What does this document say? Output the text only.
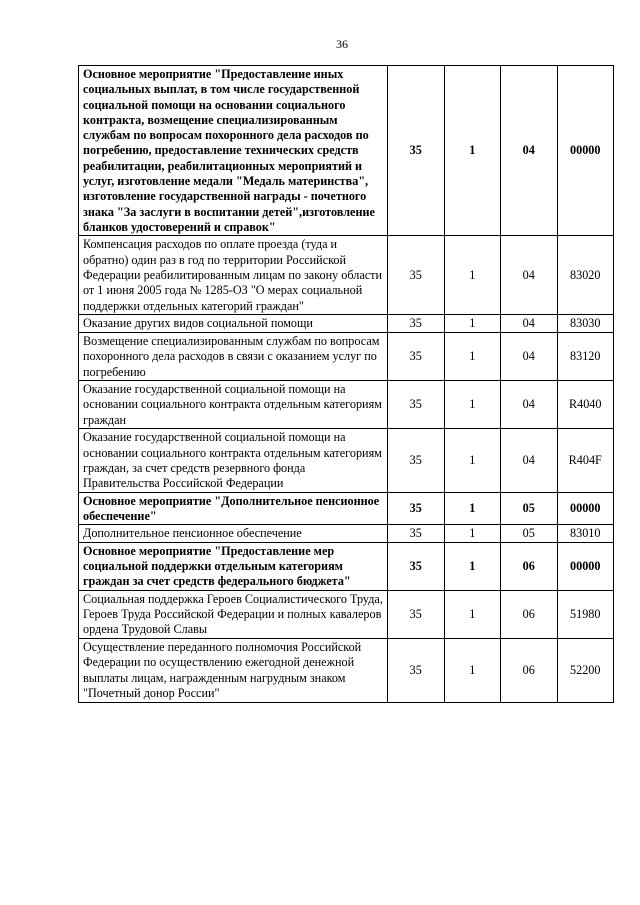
36
Основное мероприятие "Предоставление иных социальных выплат, в том числе государственной социальной помощи на основании социального контракта, возмещение специализированным службам по вопросам похоронного дела расходов по погребению, предоставление технических средств реабилитации, реабилитационных мероприятий и услуг, изготовление медали "Медаль материнства", изготовление государственной награды - почетного знака "За заслуги в воспитании детей",изготовление бланков удостоверений и справок"	35	1	04	00000
Компенсация расходов по оплате проезда (туда и обратно) один раз в год по территории Российской Федерации реабилитированным лицам по закону области от 1 июня 2005 года № 1285-ОЗ "О мерах социальной поддержки отдельных категорий граждан"	35	1	04	83020
Оказание других видов социальной помощи	35	1	04	83030
Возмещение специализированным службам по вопросам похоронного дела расходов в связи с оказанием услуг по погребению	35	1	04	83120
Оказание государственной социальной помощи на основании социального контракта отдельным категориям граждан	35	1	04	R4040
Оказание государственной социальной помощи на основании социального контракта отдельным категориям граждан, за счет средств резервного фонда Правительства Российской Федерации	35	1	04	R404F
Основное мероприятие "Дополнительное пенсионное обеспечение"	35	1	05	00000
Дополнительное пенсионное обеспечение	35	1	05	83010
Основное мероприятие "Предоставление мер социальной поддержки отдельным категориям граждан за счет средств федерального бюджета"	35	1	06	00000
Социальная поддержка Героев Социалистического Труда, Героев Труда Российской Федерации и полных кавалеров ордена Трудовой Славы	35	1	06	51980
Осуществление переданного полномочия Российской Федерации по осуществлению ежегодной денежной выплаты лицам, награжденным нагрудным знаком "Почетный донор России"	35	1	06	52200
